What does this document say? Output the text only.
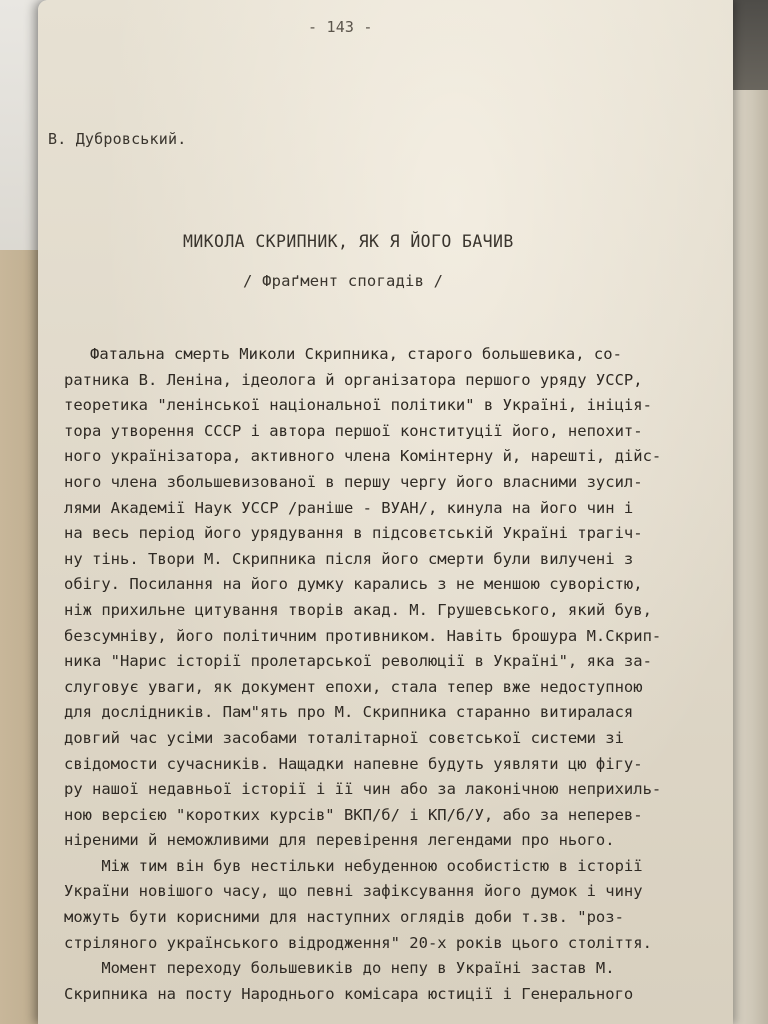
- 143 -
В. Дубровський.
МИКОЛА СКРИПНИК, ЯК Я ЙОГО БАЧИВ
/ Фраґмент спогадів /
Фатальна смерть Миколи Скрипника, старого большевика, со-
ратника В. Леніна, ідеолога й організатора першого уряду УССР,
теоретика "ленінської національної політики" в Україні, ініція-
тора утворення СССР і автора першої конституції його, непохит-
ного українізатора, активного члена Комінтерну й, нарешті, дійс-
ного члена збольшевизованої в першу чергу його власними зусил-
лями Академії Наук УССР /раніше - ВУАН/, кинула на його чин і
на весь період його урядування в підсовєтській Україні трагіч-
ну тінь. Твори М. Скрипника після його смерти були вилучені з
обігу. Посилання на його думку карались з не меншою суворістю,
ніж прихильне цитування творів акад. М. Грушевського, який був,
безсумніву, його політичним противником. Навіть брошура М.Скрип-
ника "Нарис історії пролетарської революції в Україні", яка за-
слуговує уваги, як документ епохи, стала тепер вже недоступною
для дослідників. Пам"ять про М. Скрипника старанно витиралася
довгий час усіми засобами тоталітарної совєтської системи зі
свідомости сучасників. Нащадки напевне будуть уявляти цю фігу-
ру нашої недавньої історії і її чин або за лаконічною неприхиль-
ною версією "коротких курсів" ВКП/б/ і КП/б/У, або за неперев-
ніреними й неможливими для перевірення легендами про нього.
Між тим він був нестільки небуденною особистістю в історії
України новішого часу, що певні зафіксування його думок і чину
можуть бути корисними для наступних оглядів доби т.зв. "роз-
стріляного українського відродження" 20-х років цього століття.
Момент переходу большевиків до непу в Україні застав М.
Скрипника на посту Народнього комісара юстиції і Генерального
